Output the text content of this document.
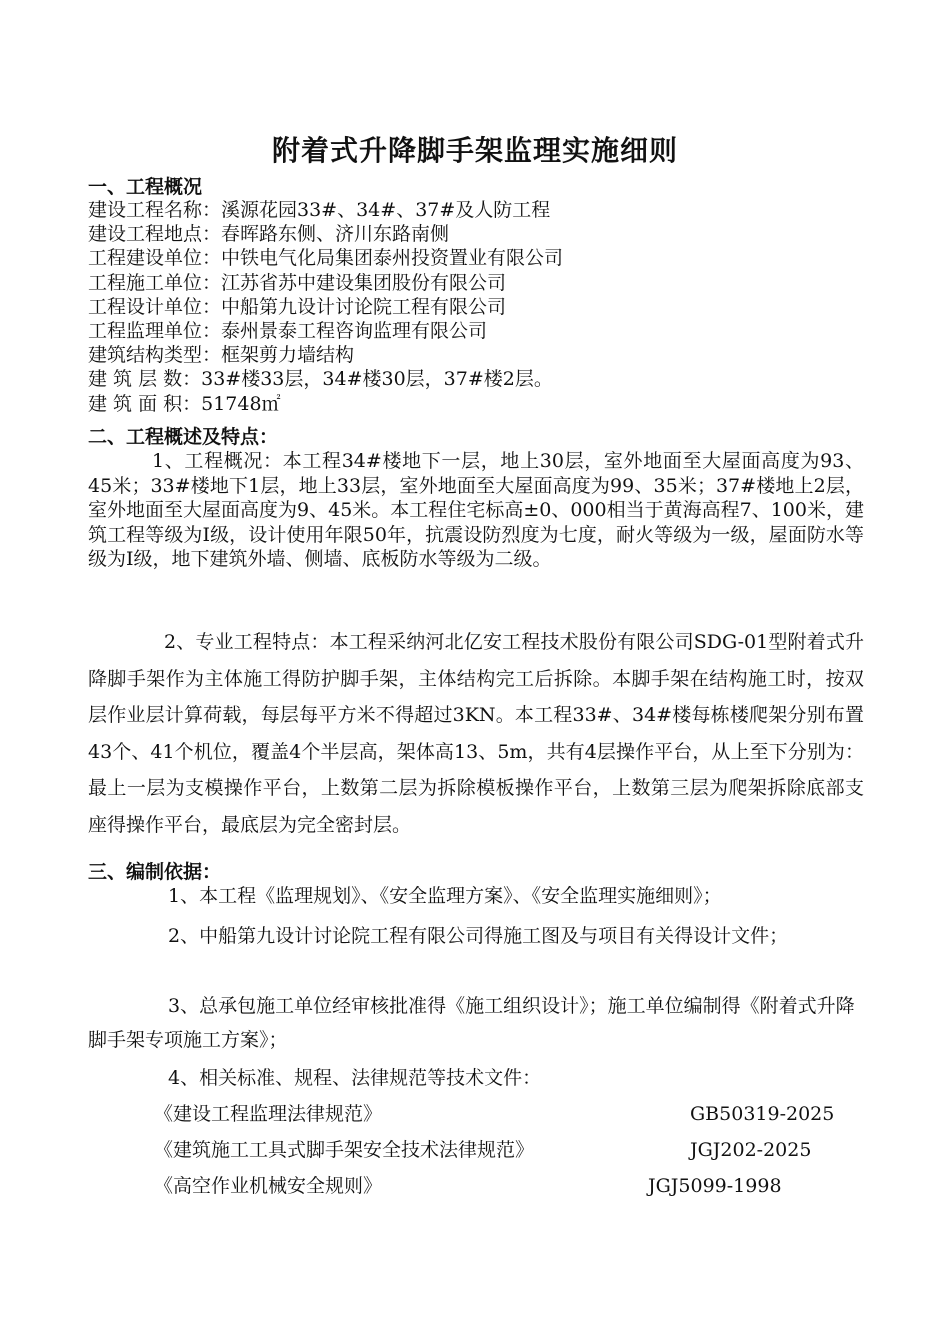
附着式升降脚手架监理实施细则
一、工程概况
建设工程名称：溪源花园33#、34#、37#及人防工程
建设工程地点：春晖路东侧、济川东路南侧
工程建设单位：中铁电气化局集团泰州投资置业有限公司
工程施工单位：江苏省苏中建设集团股份有限公司
工程设计单位：中船第九设计讨论院工程有限公司
工程监理单位：泰州景泰工程咨询监理有限公司
建筑结构类型：框架剪力墙结构
建 筑 层 数：33#楼33层，34#楼30层，37#楼2层。
建 筑 面 积：51748㎡
二、工程概述及特点：

1、工程概况：本工程34#楼地下一层，地上30层，室外地面至大屋面高度为93、45米；33#楼地下1层，地上33层，室外地面至大屋面高度为99、35米；37#楼地上2层，室外地面至大屋面高度为9、45米。本工程住宅标高±0、000相当于黄海高程7、100米，建筑工程等级为Ⅰ级，设计使用年限50年，抗震设防烈度为七度，耐火等级为一级，屋面防水等级为Ⅰ级，地下建筑外墙、侧墙、底板防水等级为二级。

2、专业工程特点：本工程采纳河北亿安工程技术股份有限公司SDG-01型附着式升降脚手架作为主体施工得防护脚手架，主体结构完工后拆除。本脚手架在结构施工时，按双层作业层计算荷载，每层每平方米不得超过3KN。本工程33#、34#楼每栋楼爬架分别布置43个、41个机位，覆盖4个半层高，架体高13、5m，共有4层操作平台，从上至下分别为：最上一层为支模操作平台，上数第二层为拆除模板操作平台，上数第三层为爬架拆除底部支座得操作平台，最底层为完全密封层。

三、编制依据：

1、本工程《监理规划》、《安全监理方案》、《安全监理实施细则》；

2、中船第九设计讨论院工程有限公司得施工图及与项目有关得设计文件；

3、总承包施工单位经审核批准得《施工组织设计》；施工单位编制得《附着式升降脚手架专项施工方案》；

4、相关标准、规程、法律规范等技术文件：

《建设工程监理法律规范》	GB50319-2025
《建筑施工工具式脚手架安全技术法律规范》	JGJ202-2025
《高空作业机械安全规则》	JGJ5099-1998
